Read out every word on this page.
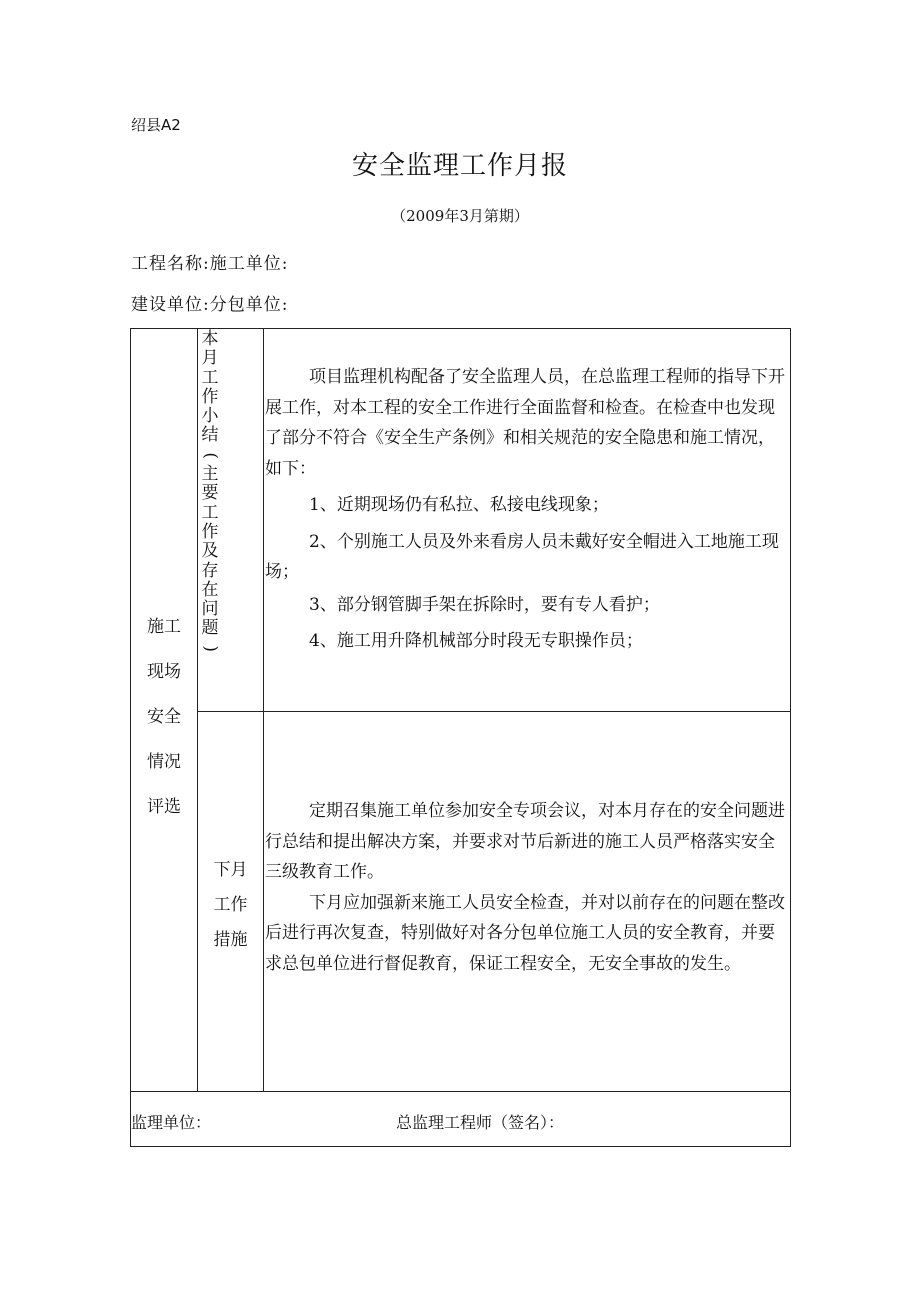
绍县A2
安全监理工作月报
（2009年3月第期）
工程名称:施工单位:
建设单位:分包单位:
施工
现场
安全
情况
评选
本
月
工
作
小
结
(
主
要
工
作
及
存
在
问
题
)

项目监理机构配备了安全监理人员，在总监理工程师的指导下开展工作，对本工程的安全工作进行全面监督和检查。在检查中也发现了部分不符合《安全生产条例》和相关规范的安全隐患和施工情况，如下：

1、近期现场仍有私拉、私接电线现象；

2、个别施工人员及外来看房人员未戴好安全帽进入工地施工现场；

3、部分钢管脚手架在拆除时，要有专人看护；

4、施工用升降机械部分时段无专职操作员；

下月
工作
措施

定期召集施工单位参加安全专项会议，对本月存在的安全问题进行总结和提出解决方案，并要求对节后新进的施工人员严格落实安全三级教育工作。

下月应加强新来施工人员安全检查，并对以前存在的问题在整改后进行再次复查，特别做好对各分包单位施工人员的安全教育，并要求总包单位进行督促教育，保证工程安全，无安全事故的发生。

监理单位：	总监理工程师（签名）：
